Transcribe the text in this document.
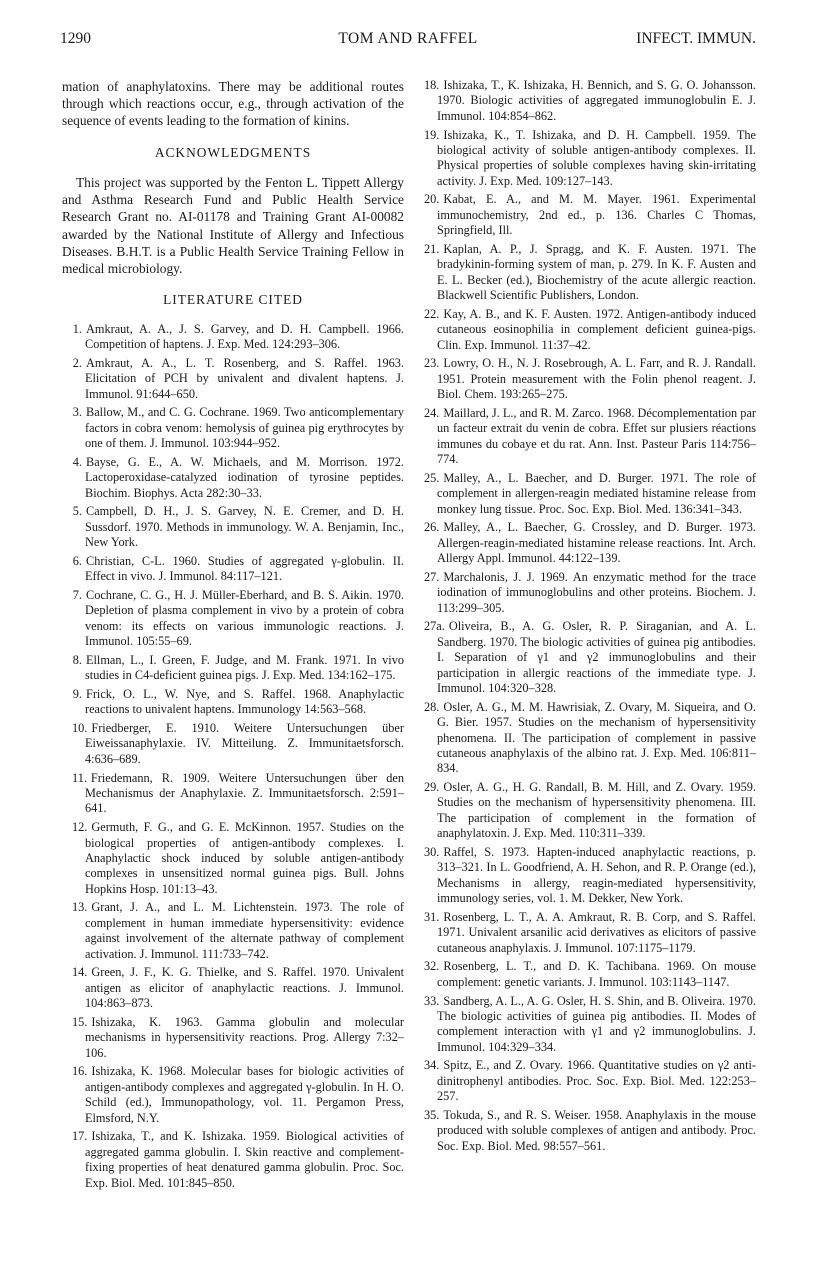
1290	TOM AND RAFFEL	INFECT. IMMUN.

mation of anaphylatoxins. There may be additional routes through which reactions occur, e.g., through activation of the sequence of events leading to the formation of kinins.

ACKNOWLEDGMENTS

This project was supported by the Fenton L. Tippett Allergy and Asthma Research Fund and Public Health Service Research Grant no. AI-01178 and Training Grant AI-00082 awarded by the National Institute of Allergy and Infectious Diseases. B.H.T. is a Public Health Service Training Fellow in medical microbiology.

LITERATURE CITED
1. Amkraut, A. A., J. S. Garvey, and D. H. Campbell. 1966. Competition of haptens. J. Exp. Med. 124:293–306.
2. Amkraut, A. A., L. T. Rosenberg, and S. Raffel. 1963. Elicitation of PCH by univalent and divalent haptens. J. Immunol. 91:644–650.
3. Ballow, M., and C. G. Cochrane. 1969. Two anticomplementary factors in cobra venom: hemolysis of guinea pig erythrocytes by one of them. J. Immunol. 103:944–952.
4. Bayse, G. E., A. W. Michaels, and M. Morrison. 1972. Lactoperoxidase-catalyzed iodination of tyrosine peptides. Biochim. Biophys. Acta 282:30–33.
5. Campbell, D. H., J. S. Garvey, N. E. Cremer, and D. H. Sussdorf. 1970. Methods in immunology. W. A. Benjamin, Inc., New York.
6. Christian, C-L. 1960. Studies of aggregated γ-globulin. II. Effect in vivo. J. Immunol. 84:117–121.
7. Cochrane, C. G., H. J. Müller-Eberhard, and B. S. Aikin. 1970. Depletion of plasma complement in vivo by a protein of cobra venom: its effects on various immunologic reactions. J. Immunol. 105:55–69.
8. Ellman, L., I. Green, F. Judge, and M. Frank. 1971. In vivo studies in C4-deficient guinea pigs. J. Exp. Med. 134:162–175.
9. Frick, O. L., W. Nye, and S. Raffel. 1968. Anaphylactic reactions to univalent haptens. Immunology 14:563–568.
10. Friedberger, E. 1910. Weitere Untersuchungen über Eiweissanaphylaxie. IV. Mitteilung. Z. Immunitaetsforsch. 4:636–689.
11. Friedemann, R. 1909. Weitere Untersuchungen über den Mechanismus der Anaphylaxie. Z. Immunitaetsforsch. 2:591–641.
12. Germuth, F. G., and G. E. McKinnon. 1957. Studies on the biological properties of antigen-antibody complexes. I. Anaphylactic shock induced by soluble antigen-antibody complexes in unsensitized normal guinea pigs. Bull. Johns Hopkins Hosp. 101:13–43.
13. Grant, J. A., and L. M. Lichtenstein. 1973. The role of complement in human immediate hypersensitivity: evidence against involvement of the alternate pathway of complement activation. J. Immunol. 111:733–742.
14. Green, J. F., K. G. Thielke, and S. Raffel. 1970. Univalent antigen as elicitor of anaphylactic reactions. J. Immunol. 104:863–873.
15. Ishizaka, K. 1963. Gamma globulin and molecular mechanisms in hypersensitivity reactions. Prog. Allergy 7:32–106.
16. Ishizaka, K. 1968. Molecular bases for biologic activities of antigen-antibody complexes and aggregated γ-globulin. In H. O. Schild (ed.), Immunopathology, vol. 11. Pergamon Press, Elmsford, N.Y.
17. Ishizaka, T., and K. Ishizaka. 1959. Biological activities of aggregated gamma globulin. I. Skin reactive and complement-fixing properties of heat denatured gamma globulin. Proc. Soc. Exp. Biol. Med. 101:845–850.
18. Ishizaka, T., K. Ishizaka, H. Bennich, and S. G. O. Johansson. 1970. Biologic activities of aggregated immunoglobulin E. J. Immunol. 104:854–862.
19. Ishizaka, K., T. Ishizaka, and D. H. Campbell. 1959. The biological activity of soluble antigen-antibody complexes. II. Physical properties of soluble complexes having skin-irritating activity. J. Exp. Med. 109:127–143.
20. Kabat, E. A., and M. M. Mayer. 1961. Experimental immunochemistry, 2nd ed., p. 136. Charles C Thomas, Springfield, Ill.
21. Kaplan, A. P., J. Spragg, and K. F. Austen. 1971. The bradykinin-forming system of man, p. 279. In K. F. Austen and E. L. Becker (ed.), Biochemistry of the acute allergic reaction. Blackwell Scientific Publishers, London.
22. Kay, A. B., and K. F. Austen. 1972. Antigen-antibody induced cutaneous eosinophilia in complement deficient guinea-pigs. Clin. Exp. Immunol. 11:37–42.
23. Lowry, O. H., N. J. Rosebrough, A. L. Farr, and R. J. Randall. 1951. Protein measurement with the Folin phenol reagent. J. Biol. Chem. 193:265–275.
24. Maillard, J. L., and R. M. Zarco. 1968. Décomplementation par un facteur extrait du venin de cobra. Effet sur plusiers réactions immunes du cobaye et du rat. Ann. Inst. Pasteur Paris 114:756–774.
25. Malley, A., L. Baecher, and D. Burger. 1971. The role of complement in allergen-reagin mediated histamine release from monkey lung tissue. Proc. Soc. Exp. Biol. Med. 136:341–343.
26. Malley, A., L. Baecher, G. Crossley, and D. Burger. 1973. Allergen-reagin-mediated histamine release reactions. Int. Arch. Allergy Appl. Immunol. 44:122–139.
27. Marchalonis, J. J. 1969. An enzymatic method for the trace iodination of immunoglobulins and other proteins. Biochem. J. 113:299–305.
27a. Oliveira, B., A. G. Osler, R. P. Siraganian, and A. L. Sandberg. 1970. The biologic activities of guinea pig antibodies. I. Separation of γ1 and γ2 immunoglobulins and their participation in allergic reactions of the immediate type. J. Immunol. 104:320–328.
28. Osler, A. G., M. M. Hawrisiak, Z. Ovary, M. Siqueira, and O. G. Bier. 1957. Studies on the mechanism of hypersensitivity phenomena. II. The participation of complement in passive cutaneous anaphylaxis of the albino rat. J. Exp. Med. 106:811–834.
29. Osler, A. G., H. G. Randall, B. M. Hill, and Z. Ovary. 1959. Studies on the mechanism of hypersensitivity phenomena. III. The participation of complement in the formation of anaphylatoxin. J. Exp. Med. 110:311–339.
30. Raffel, S. 1973. Hapten-induced anaphylactic reactions, p. 313–321. In L. Goodfriend, A. H. Sehon, and R. P. Orange (ed.), Mechanisms in allergy, reagin-mediated hypersensitivity, immunology series, vol. 1. M. Dekker, New York.
31. Rosenberg, L. T., A. A. Amkraut, R. B. Corp, and S. Raffel. 1971. Univalent arsanilic acid derivatives as elicitors of passive cutaneous anaphylaxis. J. Immunol. 107:1175–1179.
32. Rosenberg, L. T., and D. K. Tachibana. 1969. On mouse complement: genetic variants. J. Immunol. 103:1143–1147.
33. Sandberg, A. L., A. G. Osler, H. S. Shin, and B. Oliveira. 1970. The biologic activities of guinea pig antibodies. II. Modes of complement interaction with γ1 and γ2 immunoglobulins. J. Immunol. 104:329–334.
34. Spitz, E., and Z. Ovary. 1966. Quantitative studies on γ2 anti-dinitrophenyl antibodies. Proc. Soc. Exp. Biol. Med. 122:253–257.
35. Tokuda, S., and R. S. Weiser. 1958. Anaphylaxis in the mouse produced with soluble complexes of antigen and antibody. Proc. Soc. Exp. Biol. Med. 98:557–561.
